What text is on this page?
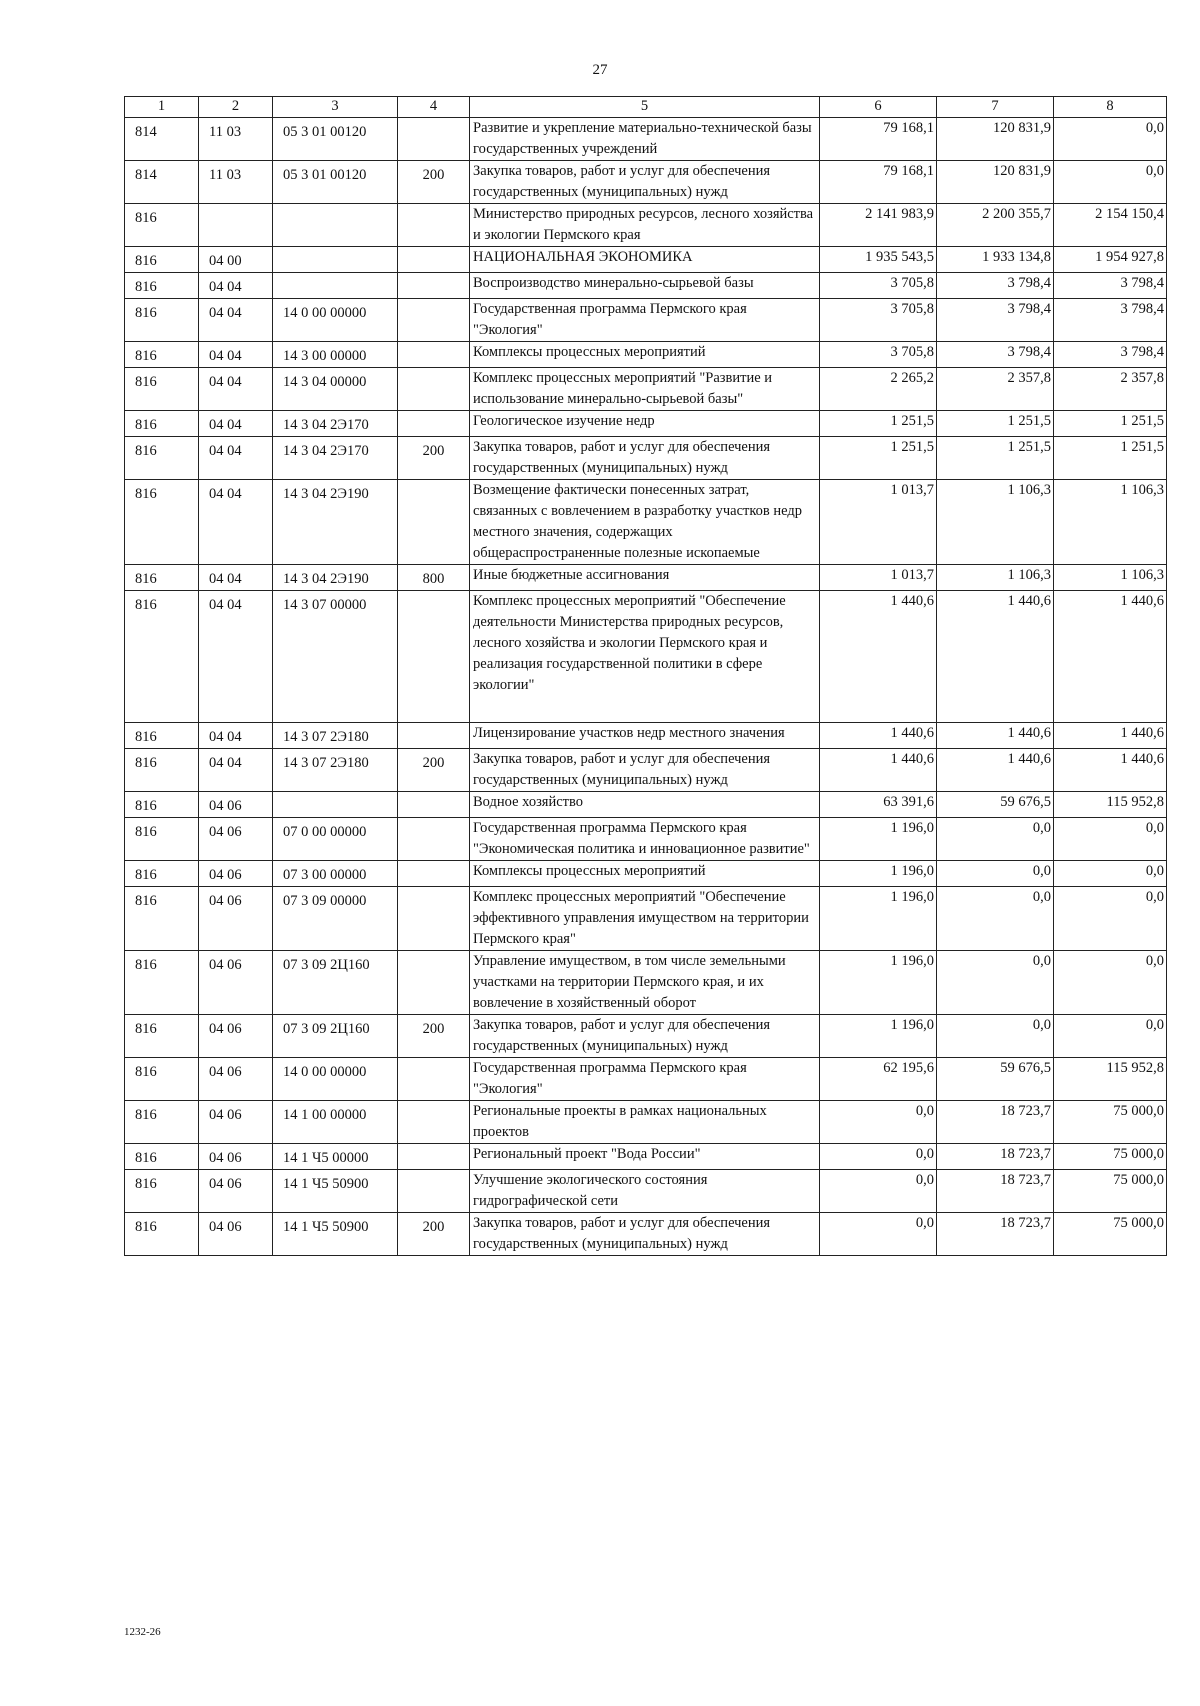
27
1	2	3	4	5	6	7	8
814	11 03	05 3 01 00120		Развитие и укрепление материально-технической базы государственных учреждений	79 168,1	120 831,9	0,0
814	11 03	05 3 01 00120	200	Закупка товаров, работ и услуг для обеспечения государственных (муниципальных) нужд	79 168,1	120 831,9	0,0
816				Министерство природных ресурсов, лесного хозяйства и экологии Пермского края	2 141 983,9	2 200 355,7	2 154 150,4
816	04 00			НАЦИОНАЛЬНАЯ ЭКОНОМИКА	1 935 543,5	1 933 134,8	1 954 927,8
816	04 04			Воспроизводство минерально-сырьевой базы	3 705,8	3 798,4	3 798,4
816	04 04	14 0 00 00000		Государственная программа Пермского края "Экология"	3 705,8	3 798,4	3 798,4
816	04 04	14 3 00 00000		Комплексы процессных мероприятий	3 705,8	3 798,4	3 798,4
816	04 04	14 3 04 00000		Комплекс процессных мероприятий "Развитие и использование минерально-сырьевой базы"	2 265,2	2 357,8	2 357,8
816	04 04	14 3 04 2Э170		Геологическое изучение недр	1 251,5	1 251,5	1 251,5
816	04 04	14 3 04 2Э170	200	Закупка товаров, работ и услуг для обеспечения государственных (муниципальных) нужд	1 251,5	1 251,5	1 251,5
816	04 04	14 3 04 2Э190		Возмещение фактически понесенных затрат, связанных с вовлечением в разработку участков недр местного значения, содержащих общераспространенные полезные ископаемые	1 013,7	1 106,3	1 106,3
816	04 04	14 3 04 2Э190	800	Иные бюджетные ассигнования	1 013,7	1 106,3	1 106,3
816	04 04	14 3 07 00000		Комплекс процессных мероприятий "Обеспечение деятельности Министерства природных ресурсов, лесного хозяйства и экологии Пермского края и реализация государственной политики в сфере экологии"	1 440,6	1 440,6	1 440,6
816	04 04	14 3 07 2Э180		Лицензирование участков недр местного значения	1 440,6	1 440,6	1 440,6
816	04 04	14 3 07 2Э180	200	Закупка товаров, работ и услуг для обеспечения государственных (муниципальных) нужд	1 440,6	1 440,6	1 440,6
816	04 06			Водное хозяйство	63 391,6	59 676,5	115 952,8
816	04 06	07 0 00 00000		Государственная программа Пермского края "Экономическая политика и инновационное развитие"	1 196,0	0,0	0,0
816	04 06	07 3 00 00000		Комплексы процессных мероприятий	1 196,0	0,0	0,0
816	04 06	07 3 09 00000		Комплекс процессных мероприятий "Обеспечение эффективного управления имуществом на территории Пермского края"	1 196,0	0,0	0,0
816	04 06	07 3 09 2Ц160		Управление имуществом, в том числе земельными участками на территории Пермского края, и их вовлечение в хозяйственный оборот	1 196,0	0,0	0,0
816	04 06	07 3 09 2Ц160	200	Закупка товаров, работ и услуг для обеспечения государственных (муниципальных) нужд	1 196,0	0,0	0,0
816	04 06	14 0 00 00000		Государственная программа Пермского края "Экология"	62 195,6	59 676,5	115 952,8
816	04 06	14 1 00 00000		Региональные проекты в рамках национальных проектов	0,0	18 723,7	75 000,0
816	04 06	14 1 Ч5 00000		Региональный проект "Вода России"	0,0	18 723,7	75 000,0
816	04 06	14 1 Ч5 50900		Улучшение экологического состояния гидрографической сети	0,0	18 723,7	75 000,0
816	04 06	14 1 Ч5 50900	200	Закупка товаров, работ и услуг для обеспечения государственных (муниципальных) нужд	0,0	18 723,7	75 000,0
1232-26
